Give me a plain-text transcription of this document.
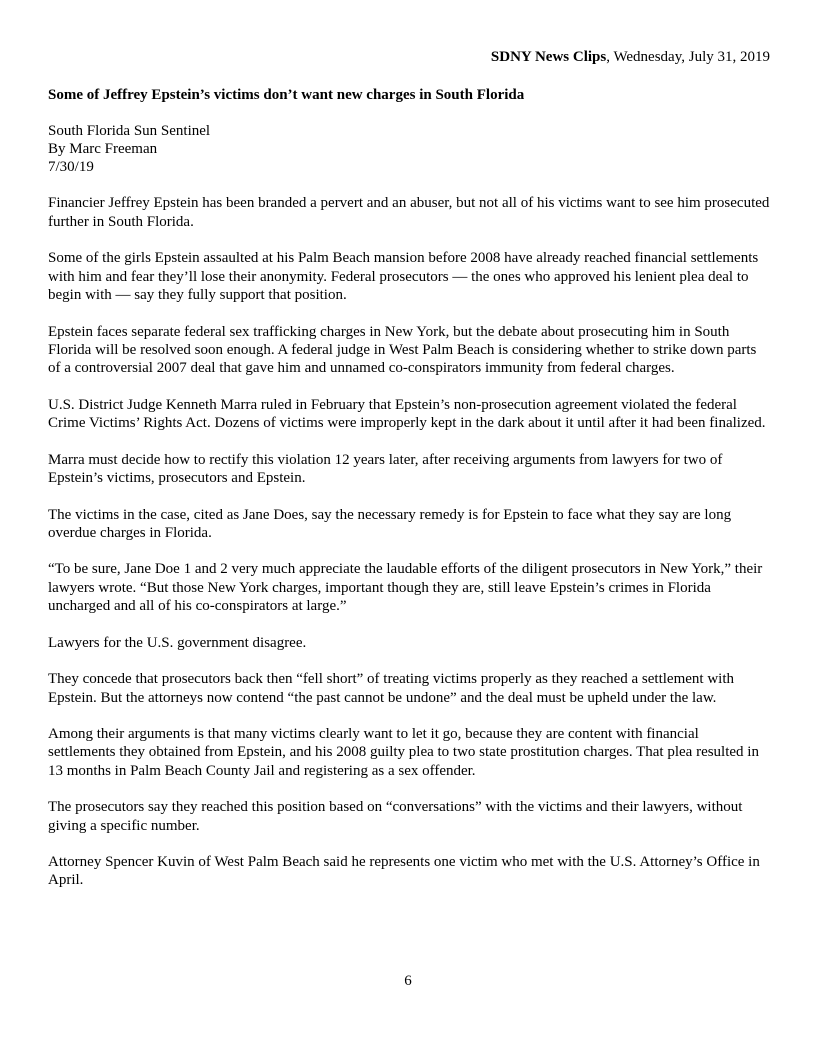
SDNY News Clips, Wednesday, July 31, 2019
Some of Jeffrey Epstein’s victims don’t want new charges in South Florida
South Florida Sun Sentinel
By Marc Freeman
7/30/19

Financier Jeffrey Epstein has been branded a pervert and an abuser, but not all of his victims want to see him prosecuted further in South Florida.

Some of the girls Epstein assaulted at his Palm Beach mansion before 2008 have already reached financial settlements with him and fear they’ll lose their anonymity. Federal prosecutors — the ones who approved his lenient plea deal to begin with — say they fully support that position.

Epstein faces separate federal sex trafficking charges in New York, but the debate about prosecuting him in South Florida will be resolved soon enough. A federal judge in West Palm Beach is considering whether to strike down parts of a controversial 2007 deal that gave him and unnamed co-conspirators immunity from federal charges.

U.S. District Judge Kenneth Marra ruled in February that Epstein’s non-prosecution agreement violated the federal Crime Victims’ Rights Act. Dozens of victims were improperly kept in the dark about it until after it had been finalized.

Marra must decide how to rectify this violation 12 years later, after receiving arguments from lawyers for two of Epstein’s victims, prosecutors and Epstein.

The victims in the case, cited as Jane Does, say the necessary remedy is for Epstein to face what they say are long overdue charges in Florida.

“To be sure, Jane Doe 1 and 2 very much appreciate the laudable efforts of the diligent prosecutors in New York,” their lawyers wrote. “But those New York charges, important though they are, still leave Epstein’s crimes in Florida uncharged and all of his co-conspirators at large.”

Lawyers for the U.S. government disagree.

They concede that prosecutors back then “fell short” of treating victims properly as they reached a settlement with Epstein. But the attorneys now contend “the past cannot be undone” and the deal must be upheld under the law.

Among their arguments is that many victims clearly want to let it go, because they are content with financial settlements they obtained from Epstein, and his 2008 guilty plea to two state prostitution charges. That plea resulted in 13 months in Palm Beach County Jail and registering as a sex offender.

The prosecutors say they reached this position based on “conversations” with the victims and their lawyers, without giving a specific number.

Attorney Spencer Kuvin of West Palm Beach said he represents one victim who met with the U.S. Attorney’s Office in April.

6
